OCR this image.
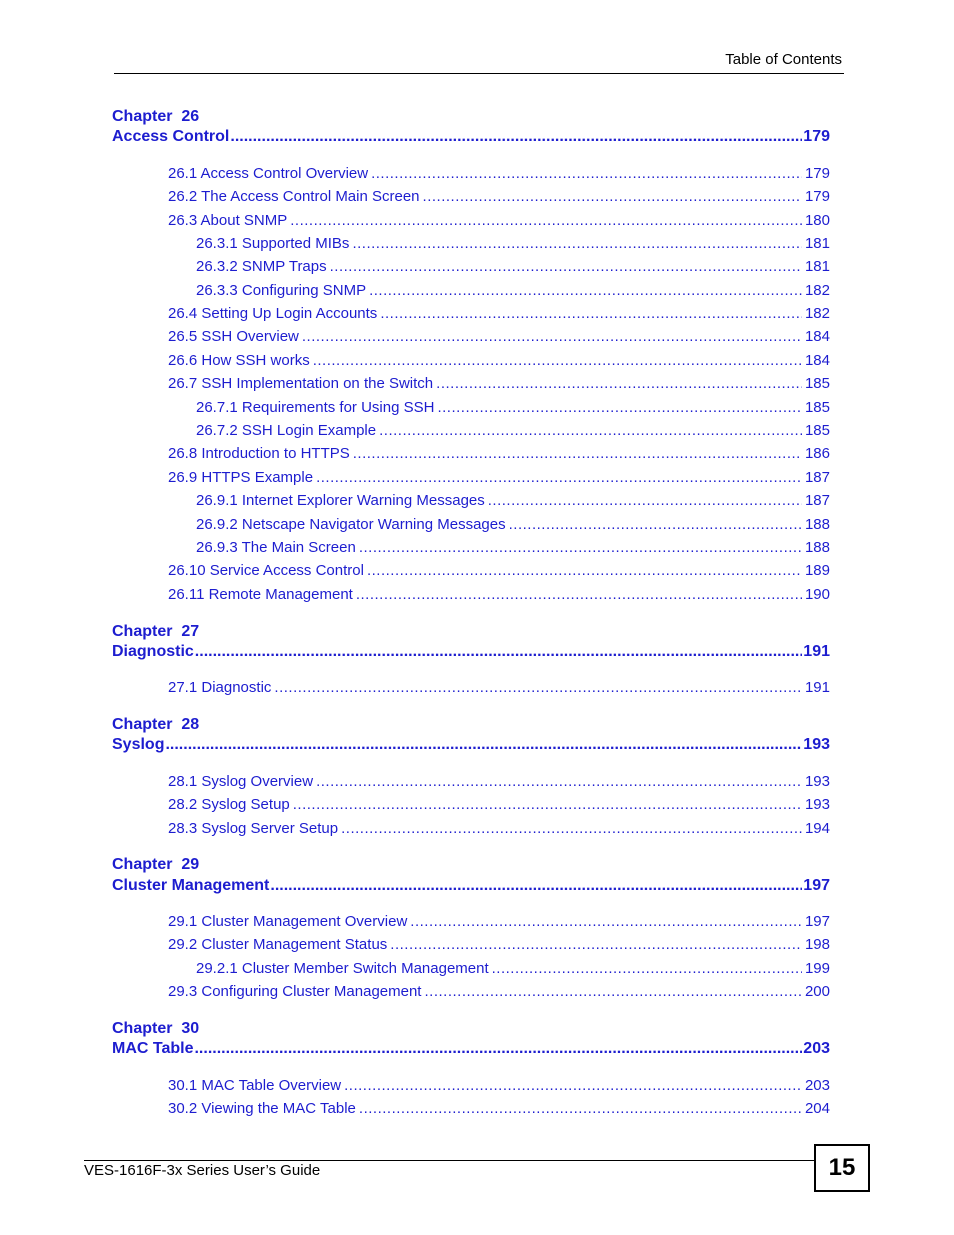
Table of Contents
Chapter  26
Access Control .....	179
26.1 Access Control Overview .....	179
26.2 The Access Control Main Screen .....	179
26.3 About SNMP .....	180
26.3.1 Supported MIBs .....	181
26.3.2 SNMP Traps .....	181
26.3.3 Configuring SNMP .....	182
26.4 Setting Up Login Accounts .....	182
26.5 SSH Overview .....	184
26.6 How SSH works .....	184
26.7 SSH Implementation on the Switch .....	185
26.7.1 Requirements for Using SSH .....	185
26.7.2 SSH Login Example .....	185
26.8 Introduction to HTTPS .....	186
26.9 HTTPS Example .....	187
26.9.1 Internet Explorer Warning Messages .....	187
26.9.2 Netscape Navigator Warning Messages .....	188
26.9.3 The Main Screen .....	188
26.10 Service Access Control .....	189
26.11 Remote Management .....	190
Chapter  27
Diagnostic .....	191
27.1 Diagnostic .....	191
Chapter  28
Syslog .....	193
28.1 Syslog Overview .....	193
28.2 Syslog Setup .....	193
28.3 Syslog Server Setup .....	194
Chapter  29
Cluster Management .....	197
29.1 Cluster Management Overview .....	197
29.2 Cluster Management Status .....	198
29.2.1 Cluster Member Switch Management .....	199
29.3 Configuring Cluster Management .....	200
Chapter  30
MAC Table .....	203
30.1 MAC Table Overview .....	203
30.2 Viewing the MAC Table .....	204
VES-1616F-3x Series User’s Guide	15
